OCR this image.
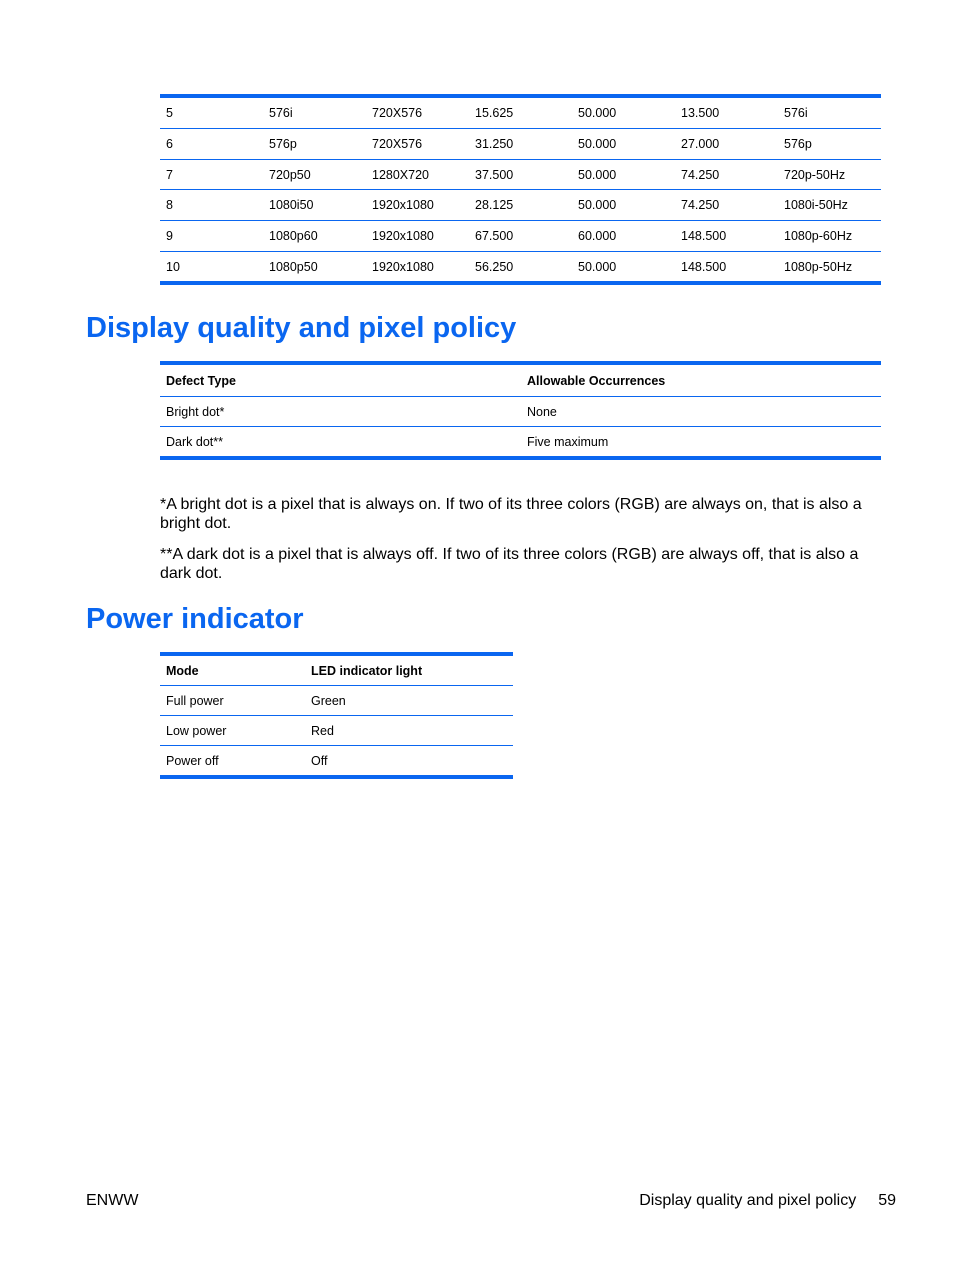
5	576i	720X576	15.625	50.000	13.500	576i
6	576p	720X576	31.250	50.000	27.000	576p
7	720p50	1280X720	37.500	50.000	74.250	720p-50Hz
8	1080i50	1920x1080	28.125	50.000	74.250	1080i-50Hz
9	1080p60	1920x1080	67.500	60.000	148.500	1080p-60Hz
10	1080p50	1920x1080	56.250	50.000	148.500	1080p-50Hz
Display quality and pixel policy
Defect Type	Allowable Occurrences
Bright dot*	None
Dark dot**	Five maximum

*A bright dot is a pixel that is always on. If two of its three colors (RGB) are always on, that is also a bright dot.

**A dark dot is a pixel that is always off. If two of its three colors (RGB) are always off, that is also a dark dot.

Power indicator
Mode	LED indicator light
Full power	Green
Low power	Red
Power off	Off
ENWW	Display quality and pixel policy 59
